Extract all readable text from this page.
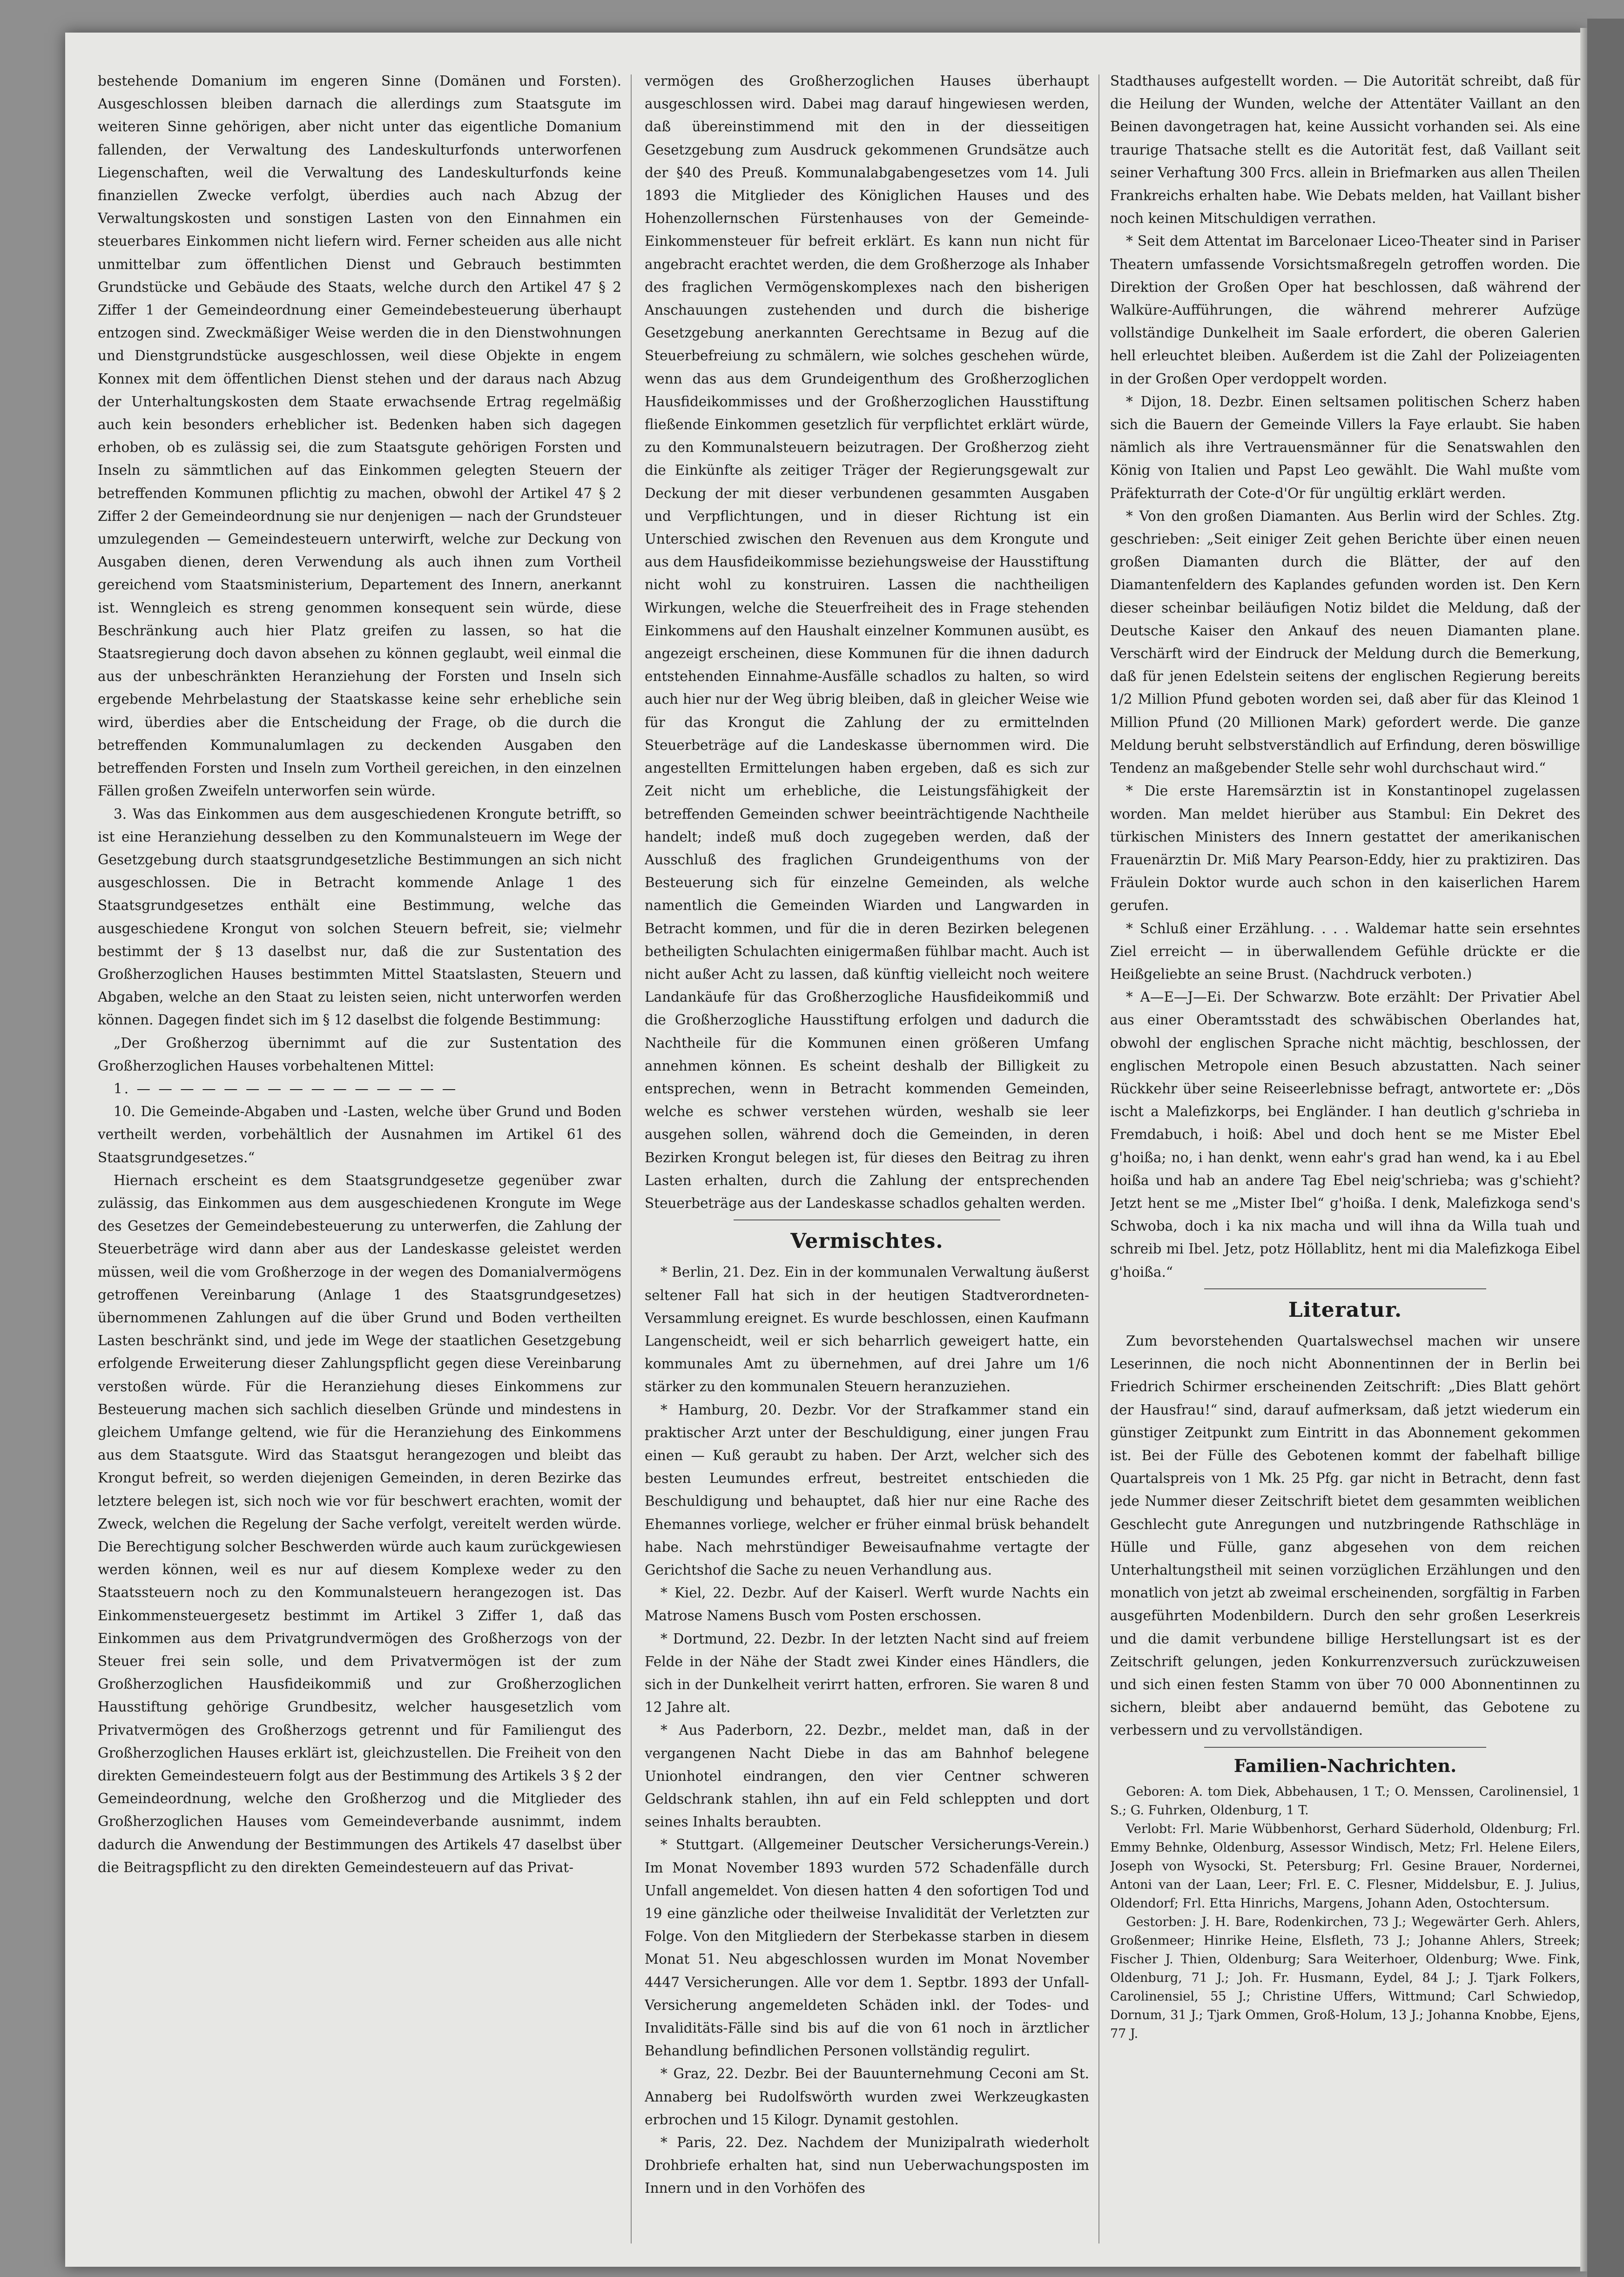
bestehende Domanium im engeren Sinne (Domänen und Forsten). Ausgeschlossen bleiben darnach die allerdings zum Staatsgute im weiteren Sinne gehörigen, aber nicht unter das eigentliche Domanium fallenden, der Verwaltung des Landeskulturfonds unterworfenen Liegenschaften, weil die Verwaltung des Landeskulturfonds keine finanziellen Zwecke verfolgt, überdies auch nach Abzug der Verwaltungskosten und sonstigen Lasten von den Einnahmen ein steuerbares Einkommen nicht liefern wird. Ferner scheiden aus alle nicht unmittelbar zum öffentlichen Dienst und Gebrauch bestimmten Grundstücke und Gebäude des Staats, welche durch den Artikel 47 § 2 Ziffer 1 der Gemeindeordnung einer Gemeindebesteuerung überhaupt entzogen sind. Zweckmäßiger Weise werden die in den Dienstwohnungen und Dienstgrundstücke ausgeschlossen, weil diese Objekte in engem Konnex mit dem öffentlichen Dienst stehen und der daraus nach Abzug der Unterhaltungskosten dem Staate erwachsende Ertrag regelmäßig auch kein besonders erheblicher ist. Bedenken haben sich dagegen erhoben, ob es zulässig sei, die zum Staatsgute gehörigen Forsten und Inseln zu sämmtlichen auf das Einkommen gelegten Steuern der betreffenden Kommunen pflichtig zu machen, obwohl der Artikel 47 § 2 Ziffer 2 der Gemeindeordnung sie nur denjenigen — nach der Grundsteuer umzulegenden — Gemeindesteuern unterwirft, welche zur Deckung von Ausgaben dienen, deren Verwendung als auch ihnen zum Vortheil gereichend vom Staatsministerium, Departement des Innern, anerkannt ist. Wenngleich es streng genommen konsequent sein würde, diese Beschränkung auch hier Platz greifen zu lassen, so hat die Staatsregierung doch davon absehen zu können geglaubt, weil einmal die aus der unbeschränkten Heranziehung der Forsten und Inseln sich ergebende Mehrbelastung der Staatskasse keine sehr erhebliche sein wird, überdies aber die Entscheidung der Frage, ob die durch die betreffenden Kommunalumlagen zu deckenden Ausgaben den betreffenden Forsten und Inseln zum Vortheil gereichen, in den einzelnen Fällen großen Zweifeln unterworfen sein würde.

3. Was das Einkommen aus dem ausgeschiedenen Krongute betrifft, so ist eine Heranziehung desselben zu den Kommunalsteuern im Wege der Gesetzgebung durch staatsgrundgesetzliche Bestimmungen an sich nicht ausgeschlossen. Die in Betracht kommende Anlage 1 des Staatsgrundgesetzes enthält eine Bestimmung, welche das ausgeschiedene Krongut von solchen Steuern befreit, sie; vielmehr bestimmt der § 13 daselbst nur, daß die zur Sustentation des Großherzoglichen Hauses bestimmten Mittel Staatslasten, Steuern und Abgaben, welche an den Staat zu leisten seien, nicht unterworfen werden können. Dagegen findet sich im § 12 daselbst die folgende Bestimmung:

„Der Großherzog übernimmt auf die zur Sustentation des Großherzoglichen Hauses vorbehaltenen Mittel:

1. — — — — — — — — — — — — — — —

10. Die Gemeinde-Abgaben und -Lasten, welche über Grund und Boden vertheilt werden, vorbehältlich der Ausnahmen im Artikel 61 des Staatsgrundgesetzes.“

Hiernach erscheint es dem Staatsgrundgesetze gegenüber zwar zulässig, das Einkommen aus dem ausgeschiedenen Krongute im Wege des Gesetzes der Gemeindebesteuerung zu unterwerfen, die Zahlung der Steuerbeträge wird dann aber aus der Landeskasse geleistet werden müssen, weil die vom Großherzoge in der wegen des Domanialvermögens getroffenen Vereinbarung (Anlage 1 des Staatsgrundgesetzes) übernommenen Zahlungen auf die über Grund und Boden vertheilten Lasten beschränkt sind, und jede im Wege der staatlichen Gesetzgebung erfolgende Erweiterung dieser Zahlungspflicht gegen diese Vereinbarung verstoßen würde. Für die Heranziehung dieses Einkommens zur Besteuerung machen sich sachlich dieselben Gründe und mindestens in gleichem Umfange geltend, wie für die Heranziehung des Einkommens aus dem Staatsgute. Wird das Staatsgut herangezogen und bleibt das Krongut befreit, so werden diejenigen Gemeinden, in deren Bezirke das letztere belegen ist, sich noch wie vor für beschwert erachten, womit der Zweck, welchen die Regelung der Sache verfolgt, vereitelt werden würde. Die Berechtigung solcher Beschwerden würde auch kaum zurückgewiesen werden können, weil es nur auf diesem Komplexe weder zu den Staatssteuern noch zu den Kommunalsteuern herangezogen ist. Das Einkommensteuergesetz bestimmt im Artikel 3 Ziffer 1, daß das Einkommen aus dem Privatgrundvermögen des Großherzogs von der Steuer frei sein solle, und dem Privatvermögen ist der zum Großherzoglichen Hausfideikommiß und zur Großherzoglichen Hausstiftung gehörige Grundbesitz, welcher hausgesetzlich vom Privatvermögen des Großherzogs getrennt und für Familiengut des Großherzoglichen Hauses erklärt ist, gleichzustellen. Die Freiheit von den direkten Gemeindesteuern folgt aus der Bestimmung des Artikels 3 § 2 der Gemeindeordnung, welche den Großherzog und die Mitglieder des Großherzoglichen Hauses vom Gemeindeverbande ausnimmt, indem dadurch die Anwendung der Bestimmungen des Artikels 47 daselbst über die Beitragspflicht zu den direkten Gemeindesteuern auf das Privat-

vermögen des Großherzoglichen Hauses überhaupt ausgeschlossen wird. Dabei mag darauf hingewiesen werden, daß übereinstimmend mit den in der diesseitigen Gesetzgebung zum Ausdruck gekommenen Grundsätze auch der §40 des Preuß. Kommunalabgabengesetzes vom 14. Juli 1893 die Mitglieder des Königlichen Hauses und des Hohenzollernschen Fürstenhauses von der Gemeinde-Einkommensteuer für befreit erklärt. Es kann nun nicht für angebracht erachtet werden, die dem Großherzoge als Inhaber des fraglichen Vermögenskomplexes nach den bisherigen Anschauungen zustehenden und durch die bisherige Gesetzgebung anerkannten Gerechtsame in Bezug auf die Steuerbefreiung zu schmälern, wie solches geschehen würde, wenn das aus dem Grundeigenthum des Großherzoglichen Hausfideikommisses und der Großherzoglichen Hausstiftung fließende Einkommen gesetzlich für verpflichtet erklärt würde, zu den Kommunalsteuern beizutragen. Der Großherzog zieht die Einkünfte als zeitiger Träger der Regierungsgewalt zur Deckung der mit dieser verbundenen gesammten Ausgaben und Verpflichtungen, und in dieser Richtung ist ein Unterschied zwischen den Revenuen aus dem Krongute und aus dem Hausfideikommisse beziehungsweise der Hausstiftung nicht wohl zu konstruiren. Lassen die nachtheiligen Wirkungen, welche die Steuerfreiheit des in Frage stehenden Einkommens auf den Haushalt einzelner Kommunen ausübt, es angezeigt erscheinen, diese Kommunen für die ihnen dadurch entstehenden Einnahme-Ausfälle schadlos zu halten, so wird auch hier nur der Weg übrig bleiben, daß in gleicher Weise wie für das Krongut die Zahlung der zu ermittelnden Steuerbeträge auf die Landeskasse übernommen wird. Die angestellten Ermittelungen haben ergeben, daß es sich zur Zeit nicht um erhebliche, die Leistungsfähigkeit der betreffenden Gemeinden schwer beeinträchtigende Nachtheile handelt; indeß muß doch zugegeben werden, daß der Ausschluß des fraglichen Grundeigenthums von der Besteuerung sich für einzelne Gemeinden, als welche namentlich die Gemeinden Wiarden und Langwarden in Betracht kommen, und für die in deren Bezirken belegenen betheiligten Schulachten einigermaßen fühlbar macht. Auch ist nicht außer Acht zu lassen, daß künftig vielleicht noch weitere Landankäufe für das Großherzogliche Hausfideikommiß und die Großherzogliche Hausstiftung erfolgen und dadurch die Nachtheile für die Kommunen einen größeren Umfang annehmen können. Es scheint deshalb der Billigkeit zu entsprechen, wenn in Betracht kommenden Gemeinden, welche es schwer verstehen würden, weshalb sie leer ausgehen sollen, während doch die Gemeinden, in deren Bezirken Krongut belegen ist, für dieses den Beitrag zu ihren Lasten erhalten, durch die Zahlung der entsprechenden Steuerbeträge aus der Landeskasse schadlos gehalten werden.

Vermischtes.

* Berlin, 21. Dez. Ein in der kommunalen Verwaltung äußerst seltener Fall hat sich in der heutigen Stadtverordneten-Versammlung ereignet. Es wurde beschlossen, einen Kaufmann Langenscheidt, weil er sich beharrlich geweigert hatte, ein kommunales Amt zu übernehmen, auf drei Jahre um 1/6 stärker zu den kommunalen Steuern heranzuziehen.

* Hamburg, 20. Dezbr. Vor der Strafkammer stand ein praktischer Arzt unter der Beschuldigung, einer jungen Frau einen — Kuß geraubt zu haben. Der Arzt, welcher sich des besten Leumundes erfreut, bestreitet entschieden die Beschuldigung und behauptet, daß hier nur eine Rache des Ehemannes vorliege, welcher er früher einmal brüsk behandelt habe. Nach mehrstündiger Beweisaufnahme vertagte der Gerichtshof die Sache zu neuen Verhandlung aus.

* Kiel, 22. Dezbr. Auf der Kaiserl. Werft wurde Nachts ein Matrose Namens Busch vom Posten erschossen.

* Dortmund, 22. Dezbr. In der letzten Nacht sind auf freiem Felde in der Nähe der Stadt zwei Kinder eines Händlers, die sich in der Dunkelheit verirrt hatten, erfroren. Sie waren 8 und 12 Jahre alt.

* Aus Paderborn, 22. Dezbr., meldet man, daß in der vergangenen Nacht Diebe in das am Bahnhof belegene Unionhotel eindrangen, den vier Centner schweren Geldschrank stahlen, ihn auf ein Feld schleppten und dort seines Inhalts beraubten.

* Stuttgart. (Allgemeiner Deutscher Versicherungs-Verein.) Im Monat November 1893 wurden 572 Schadenfälle durch Unfall angemeldet. Von diesen hatten 4 den sofortigen Tod und 19 eine gänzliche oder theilweise Invalidität der Verletzten zur Folge. Von den Mitgliedern der Sterbekasse starben in diesem Monat 51. Neu abgeschlossen wurden im Monat November 4447 Versicherungen. Alle vor dem 1. Septbr. 1893 der Unfall-Versicherung angemeldeten Schäden inkl. der Todes- und Invaliditäts-Fälle sind bis auf die von 61 noch in ärztlicher Behandlung befindlichen Personen vollständig regulirt.

* Graz, 22. Dezbr. Bei der Bauunternehmung Ceconi am St. Annaberg bei Rudolfswörth wurden zwei Werkzeugkasten erbrochen und 15 Kilogr. Dynamit gestohlen.

* Paris, 22. Dez. Nachdem der Munizipalrath wiederholt Drohbriefe erhalten hat, sind nun Ueberwachungsposten im Innern und in den Vorhöfen des

Stadthauses aufgestellt worden. — Die Autorität schreibt, daß für die Heilung der Wunden, welche der Attentäter Vaillant an den Beinen davongetragen hat, keine Aussicht vorhanden sei. Als eine traurige Thatsache stellt es die Autorität fest, daß Vaillant seit seiner Verhaftung 300 Frcs. allein in Briefmarken aus allen Theilen Frankreichs erhalten habe. Wie Debats melden, hat Vaillant bisher noch keinen Mitschuldigen verrathen.

* Seit dem Attentat im Barcelonaer Liceo-Theater sind in Pariser Theatern umfassende Vorsichtsmaßregeln getroffen worden. Die Direktion der Großen Oper hat beschlossen, daß während der Walküre-Aufführungen, die während mehrerer Aufzüge vollständige Dunkelheit im Saale erfordert, die oberen Galerien hell erleuchtet bleiben. Außerdem ist die Zahl der Polizeiagenten in der Großen Oper verdoppelt worden.

* Dijon, 18. Dezbr. Einen seltsamen politischen Scherz haben sich die Bauern der Gemeinde Villers la Faye erlaubt. Sie haben nämlich als ihre Vertrauensmänner für die Senatswahlen den König von Italien und Papst Leo gewählt. Die Wahl mußte vom Präfekturrath der Cote-d'Or für ungültig erklärt werden.

* Von den großen Diamanten. Aus Berlin wird der Schles. Ztg. geschrieben: „Seit einiger Zeit gehen Berichte über einen neuen großen Diamanten durch die Blätter, der auf den Diamantenfeldern des Kaplandes gefunden worden ist. Den Kern dieser scheinbar beiläufigen Notiz bildet die Meldung, daß der Deutsche Kaiser den Ankauf des neuen Diamanten plane. Verschärft wird der Eindruck der Meldung durch die Bemerkung, daß für jenen Edelstein seitens der englischen Regierung bereits 1/2 Million Pfund geboten worden sei, daß aber für das Kleinod 1 Million Pfund (20 Millionen Mark) gefordert werde. Die ganze Meldung beruht selbstverständlich auf Erfindung, deren böswillige Tendenz an maßgebender Stelle sehr wohl durchschaut wird.“

* Die erste Haremsärztin ist in Konstantinopel zugelassen worden. Man meldet hierüber aus Stambul: Ein Dekret des türkischen Ministers des Innern gestattet der amerikanischen Frauenärztin Dr. Miß Mary Pearson-Eddy, hier zu praktiziren. Das Fräulein Doktor wurde auch schon in den kaiserlichen Harem gerufen.

* Schluß einer Erzählung. . . . Waldemar hatte sein ersehntes Ziel erreicht — in überwallendem Gefühle drückte er die Heißgeliebte an seine Brust. (Nachdruck verboten.)

* A—E—J—Ei. Der Schwarzw. Bote erzählt: Der Privatier Abel aus einer Oberamtsstadt des schwäbischen Oberlandes hat, obwohl der englischen Sprache nicht mächtig, beschlossen, der englischen Metropole einen Besuch abzustatten. Nach seiner Rückkehr über seine Reiseerlebnisse befragt, antwortete er: „Dös ischt a Malefizkorps, bei Engländer. I han deutlich g'schrieba in Fremdabuch, i hoiß: Abel und doch hent se me Mister Ebel g'hoißa; no, i han denkt, wenn eahr's grad han wend, ka i au Ebel hoißa und hab an andere Tag Ebel neig'schrieba; was g'schieht? Jetzt hent se me „Mister Ibel“ g'hoißa. I denk, Malefizkoga send's Schwoba, doch i ka nix macha und will ihna da Willa tuah und schreib mi Ibel. Jetz, potz Höllablitz, hent mi dia Malefizkoga Eibel g'hoißa.“

Literatur.

Zum bevorstehenden Quartalswechsel machen wir unsere Leserinnen, die noch nicht Abonnentinnen der in Berlin bei Friedrich Schirmer erscheinenden Zeitschrift: „Dies Blatt gehört der Hausfrau!“ sind, darauf aufmerksam, daß jetzt wiederum ein günstiger Zeitpunkt zum Eintritt in das Abonnement gekommen ist. Bei der Fülle des Gebotenen kommt der fabelhaft billige Quartalspreis von 1 Mk. 25 Pfg. gar nicht in Betracht, denn fast jede Nummer dieser Zeitschrift bietet dem gesammten weiblichen Geschlecht gute Anregungen und nutzbringende Rathschläge in Hülle und Fülle, ganz abgesehen von dem reichen Unterhaltungstheil mit seinen vorzüglichen Erzählungen und den monatlich von jetzt ab zweimal erscheinenden, sorgfältig in Farben ausgeführten Modenbildern. Durch den sehr großen Leserkreis und die damit verbundene billige Herstellungsart ist es der Zeitschrift gelungen, jeden Konkurrenzversuch zurückzuweisen und sich einen festen Stamm von über 70 000 Abonnentinnen zu sichern, bleibt aber andauernd bemüht, das Gebotene zu verbessern und zu vervollständigen.

Familien-Nachrichten.

Geboren: A. tom Diek, Abbehausen, 1 T.; O. Menssen, Carolinensiel, 1 S.; G. Fuhrken, Oldenburg, 1 T.

Verlobt: Frl. Marie Wübbenhorst, Gerhard Süderhold, Oldenburg; Frl. Emmy Behnke, Oldenburg, Assessor Windisch, Metz; Frl. Helene Eilers, Joseph von Wysocki, St. Petersburg; Frl. Gesine Brauer, Nordernei, Antoni van der Laan, Leer; Frl. E. C. Flesner, Middelsbur, E. J. Julius, Oldendorf; Frl. Etta Hinrichs, Margens, Johann Aden, Ostochtersum.

Gestorben: J. H. Bare, Rodenkirchen, 73 J.; Wegewärter Gerh. Ahlers, Großenmeer; Hinrike Heine, Elsfleth, 73 J.; Johanne Ahlers, Streek; Fischer J. Thien, Oldenburg; Sara Weiterhoer, Oldenburg; Wwe. Fink, Oldenburg, 71 J.; Joh. Fr. Husmann, Eydel, 84 J.; J. Tjark Folkers, Carolinensiel, 55 J.; Christine Uffers, Wittmund; Carl Schwiedop, Dornum, 31 J.; Tjark Ommen, Groß-Holum, 13 J.; Johanna Knobbe, Ejens, 77 J.
